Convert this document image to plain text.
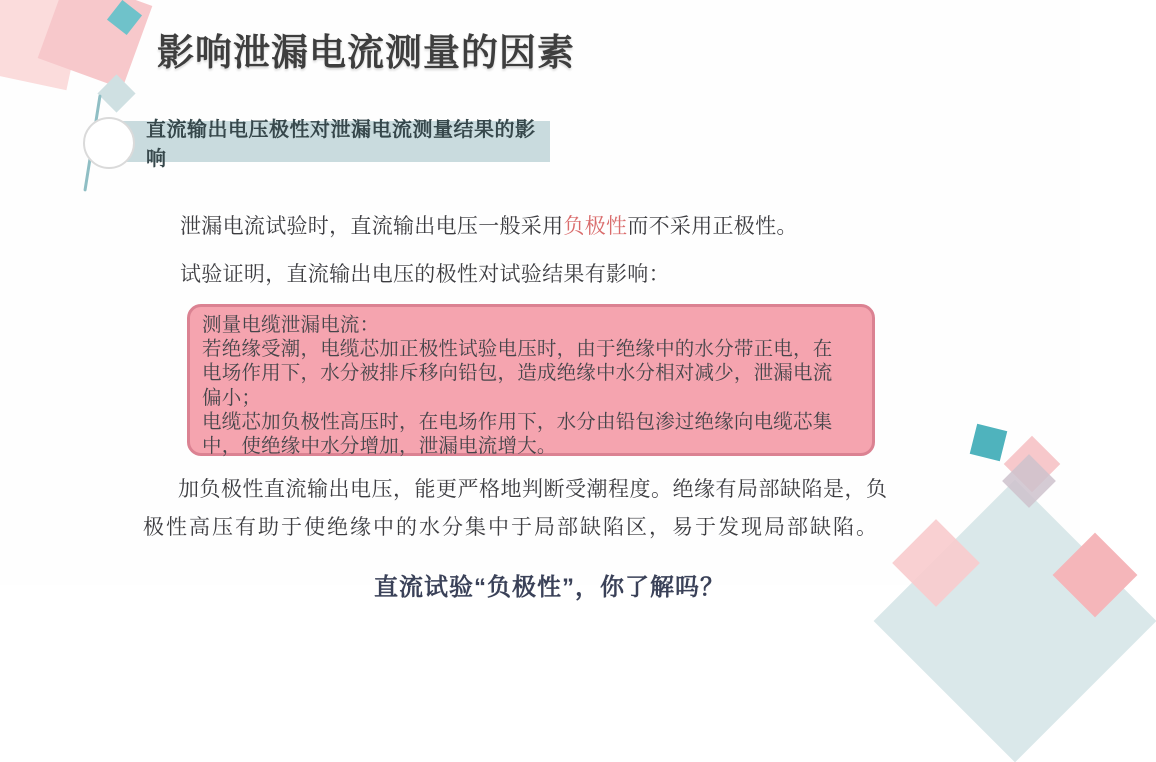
影响泄漏电流测量的因素
直流输出电压极性对泄漏电流测量结果的影响

泄漏电流试验时，直流输出电压一般采用负极性而不采用正极性。

试验证明，直流输出电压的极性对试验结果有影响：

测量电缆泄漏电流：
若绝缘受潮，电缆芯加正极性试验电压时，由于绝缘中的水分带正电，在
电场作用下，水分被排斥移向铅包，造成绝缘中水分相对减少，泄漏电流
偏小；
电缆芯加负极性高压时，在电场作用下，水分由铅包渗过绝缘向电缆芯集
中，使绝缘中水分增加，泄漏电流增大。
加负极性直流输出电压，能更严格地判断受潮程度。绝缘有局部缺陷是，负
极性高压有助于使绝缘中的水分集中于局部缺陷区，易于发现局部缺陷。

直流试验“负极性”，你了解吗？
